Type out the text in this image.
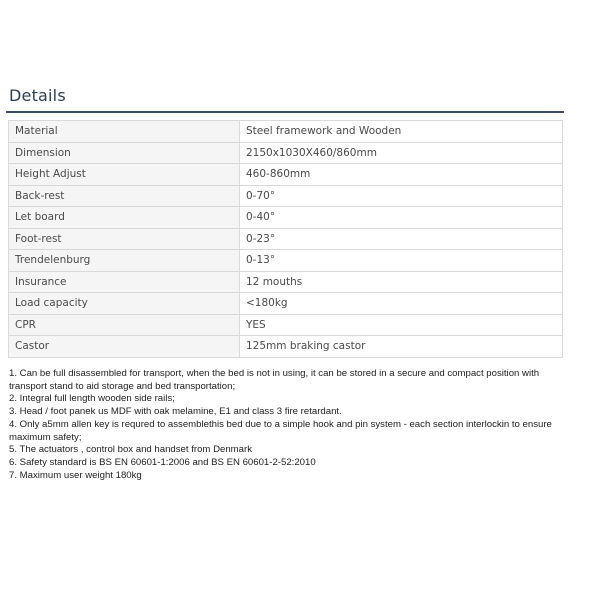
Details
Material	Steel framework and Wooden
Dimension	2150x1030X460/860mm
Height Adjust	460-860mm
Back-rest	0-70°
Let board	0-40°
Foot-rest	0-23°
Trendelenburg	0-13°
Insurance	12 mouths
Load capacity	<180kg
CPR	YES
Castor	125mm braking castor
1. Can be full disassembled for transport, when the bed is not in using, it can be stored in a secure and compact position with
transport stand to aid storage and bed transportation;
2. Integral full length wooden side rails;
3. Head / foot panek us MDF with oak melamine, E1 and class 3 fire retardant.
4. Only a5mm allen key is requred to assemblethis bed due to a simple hook and pin system - each section interlockin to ensure
maximum safety;
5. The actuators , control box and handset from Denmark
6. Safety standard is BS EN 60601-1:2006 and BS EN 60601-2-52:2010
7. Maximum user weight 180kg
